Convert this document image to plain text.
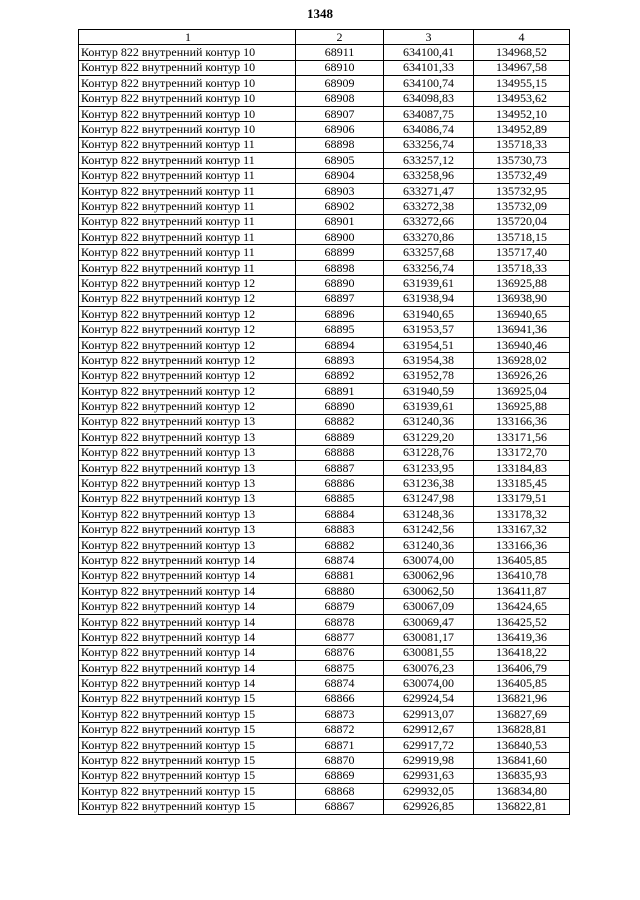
1348
1	2	3	4
Контур 822 внутренний контур 10	68911	634100,41	134968,52
Контур 822 внутренний контур 10	68910	634101,33	134967,58
Контур 822 внутренний контур 10	68909	634100,74	134955,15
Контур 822 внутренний контур 10	68908	634098,83	134953,62
Контур 822 внутренний контур 10	68907	634087,75	134952,10
Контур 822 внутренний контур 10	68906	634086,74	134952,89
Контур 822 внутренний контур 11	68898	633256,74	135718,33
Контур 822 внутренний контур 11	68905	633257,12	135730,73
Контур 822 внутренний контур 11	68904	633258,96	135732,49
Контур 822 внутренний контур 11	68903	633271,47	135732,95
Контур 822 внутренний контур 11	68902	633272,38	135732,09
Контур 822 внутренний контур 11	68901	633272,66	135720,04
Контур 822 внутренний контур 11	68900	633270,86	135718,15
Контур 822 внутренний контур 11	68899	633257,68	135717,40
Контур 822 внутренний контур 11	68898	633256,74	135718,33
Контур 822 внутренний контур 12	68890	631939,61	136925,88
Контур 822 внутренний контур 12	68897	631938,94	136938,90
Контур 822 внутренний контур 12	68896	631940,65	136940,65
Контур 822 внутренний контур 12	68895	631953,57	136941,36
Контур 822 внутренний контур 12	68894	631954,51	136940,46
Контур 822 внутренний контур 12	68893	631954,38	136928,02
Контур 822 внутренний контур 12	68892	631952,78	136926,26
Контур 822 внутренний контур 12	68891	631940,59	136925,04
Контур 822 внутренний контур 12	68890	631939,61	136925,88
Контур 822 внутренний контур 13	68882	631240,36	133166,36
Контур 822 внутренний контур 13	68889	631229,20	133171,56
Контур 822 внутренний контур 13	68888	631228,76	133172,70
Контур 822 внутренний контур 13	68887	631233,95	133184,83
Контур 822 внутренний контур 13	68886	631236,38	133185,45
Контур 822 внутренний контур 13	68885	631247,98	133179,51
Контур 822 внутренний контур 13	68884	631248,36	133178,32
Контур 822 внутренний контур 13	68883	631242,56	133167,32
Контур 822 внутренний контур 13	68882	631240,36	133166,36
Контур 822 внутренний контур 14	68874	630074,00	136405,85
Контур 822 внутренний контур 14	68881	630062,96	136410,78
Контур 822 внутренний контур 14	68880	630062,50	136411,87
Контур 822 внутренний контур 14	68879	630067,09	136424,65
Контур 822 внутренний контур 14	68878	630069,47	136425,52
Контур 822 внутренний контур 14	68877	630081,17	136419,36
Контур 822 внутренний контур 14	68876	630081,55	136418,22
Контур 822 внутренний контур 14	68875	630076,23	136406,79
Контур 822 внутренний контур 14	68874	630074,00	136405,85
Контур 822 внутренний контур 15	68866	629924,54	136821,96
Контур 822 внутренний контур 15	68873	629913,07	136827,69
Контур 822 внутренний контур 15	68872	629912,67	136828,81
Контур 822 внутренний контур 15	68871	629917,72	136840,53
Контур 822 внутренний контур 15	68870	629919,98	136841,60
Контур 822 внутренний контур 15	68869	629931,63	136835,93
Контур 822 внутренний контур 15	68868	629932,05	136834,80
Контур 822 внутренний контур 15	68867	629926,85	136822,81
